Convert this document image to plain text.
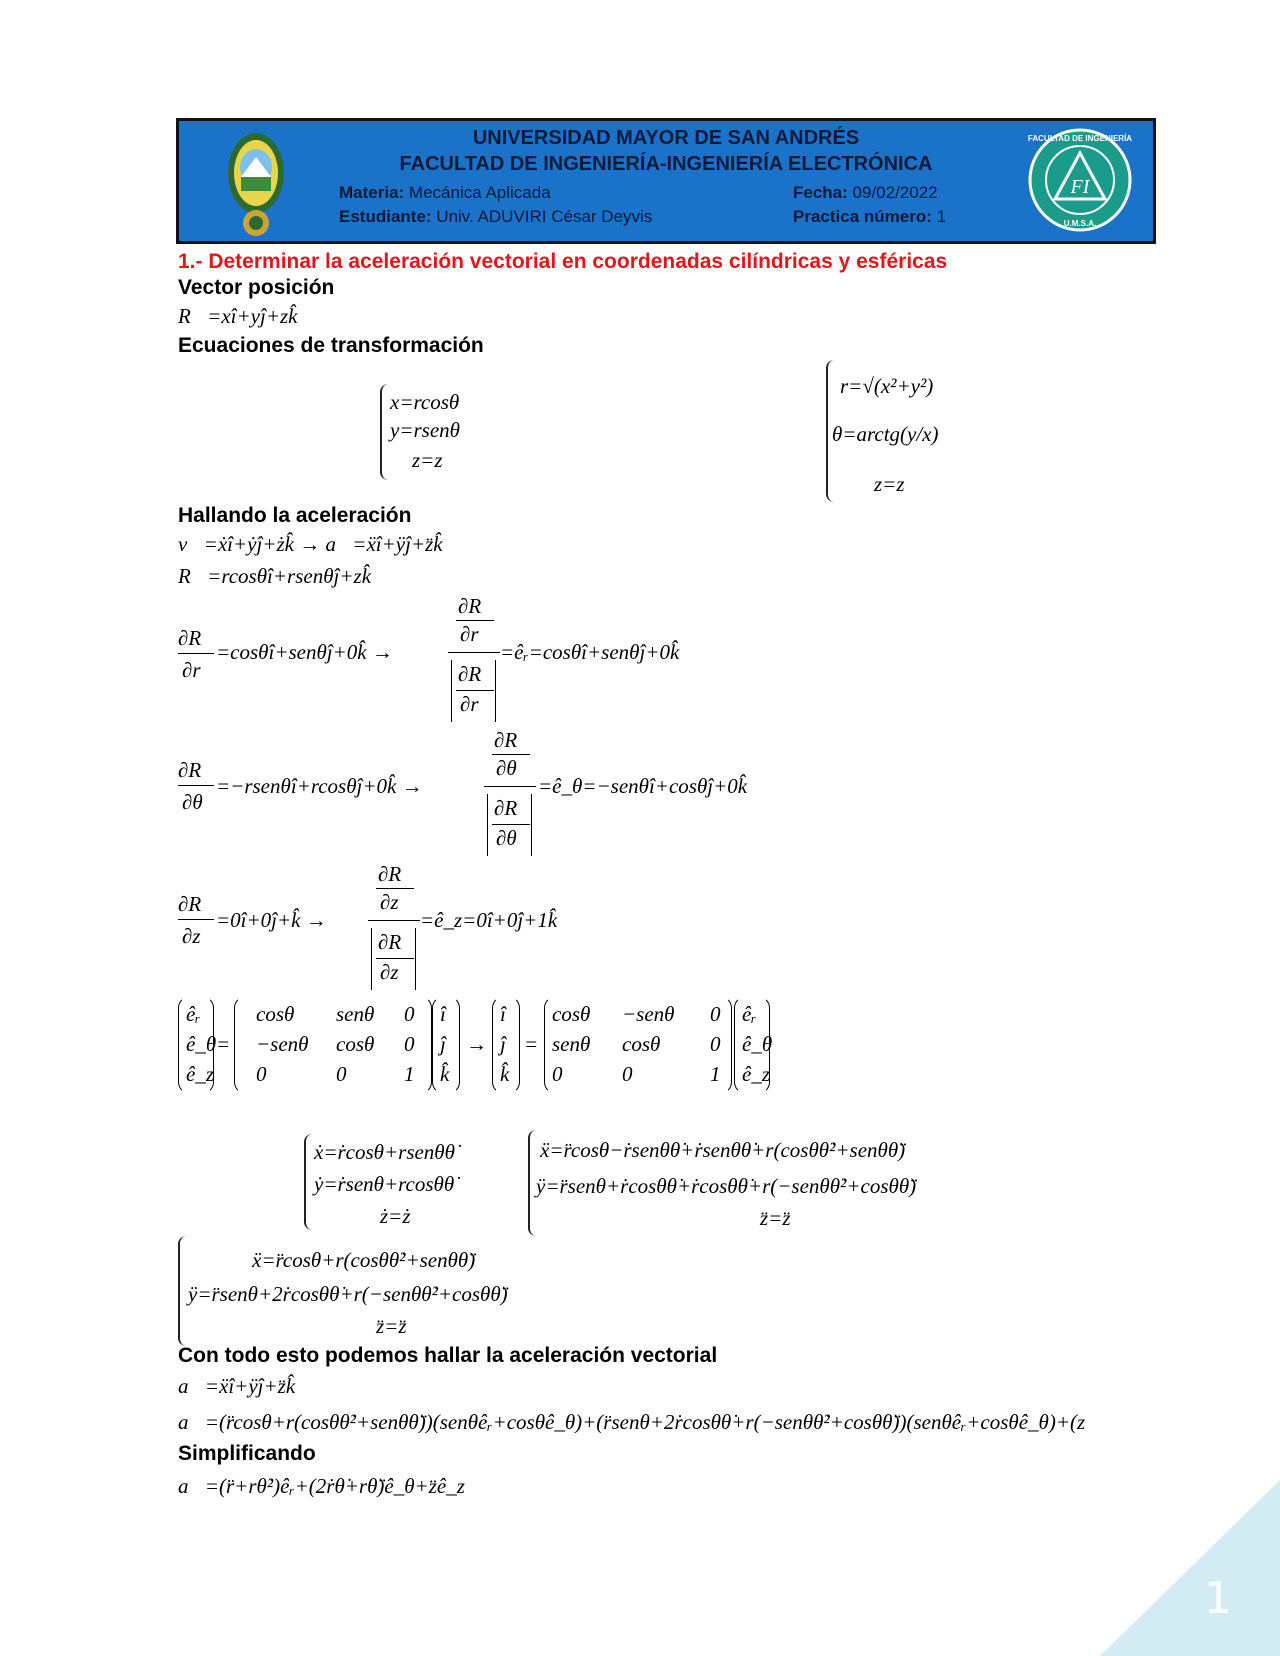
1
UNIVERSIDAD MAYOR DE SAN ANDRÉS
FACULTAD DE INGENIERÍA-INGENIERÍA ELECTRÓNICA
Materia: Mecánica Aplicada
Estudiante: Univ. ADUVIRI César Deyvis
Fecha: 09/02/2022
Practica número: 1
FI
FACULTAD DE INGENIERÍA
U.M.S.A.
1.- Determinar la aceleración vectorial en coordenadas cilíndricas y esféricas
Vector posición
R⃗=xî+yĵ+zk̂
Ecuaciones de transformación
x=rcosθ
y=rsenθ
z=z
r=√(x²+y²)
θ=arctg(y/x)
z=z
Hallando la aceleración
v⃗=ẋî+ẏĵ+żk̂ → a⃗=ẍî+ÿĵ+z̈k̂
R⃗=rcosθî+rsenθĵ+zk̂
∂R⃗
∂r
=cosθî+senθĵ+0k̂ →
∂R⃗
∂r
∂R⃗
∂r
=êᵣ=cosθî+senθĵ+0k̂
∂R⃗
∂θ
=−rsenθî+rcosθĵ+0k̂ →
∂R⃗
∂θ
∂R⃗
∂θ
=ê_θ=−senθî+cosθĵ+0k̂
∂R⃗
∂z
=0î+0ĵ+k̂ →
∂R⃗
∂z
∂R⃗
∂z
=ê_z=0î+0ĵ+1k̂
êᵣ
ê_θ
ê_z
=
cosθ senθ 0
−senθ cosθ 0
0	0	1
î
ĵ
k̂
→
î
ĵ
k̂
=
cosθ −senθ 0
senθ cosθ 0
0	0	1
êᵣ
ê_θ
ê_z
ẋ=ṙcosθ+rsenθθ̇
ẏ=ṙsenθ+rcosθθ̇
ż=ż
ẍ=r̈cosθ−ṙsenθθ̇+ṙsenθθ̇+r(cosθθ̇²+senθθ̈)
ÿ=r̈senθ+ṙcosθθ̇+ṙcosθθ̇+r(−senθθ̇²+cosθθ̈)
z̈=z̈
ẍ=r̈cosθ+r(cosθθ̇²+senθθ̈)
ÿ=r̈senθ+2ṙcosθθ̇+r(−senθθ̇²+cosθθ̈)
z̈=z̈
Con todo esto podemos hallar la aceleración vectorial
a⃗=ẍî+ÿĵ+z̈k̂
a⃗=(r̈cosθ+r(cosθθ̇²+senθθ̈))(senθêᵣ+cosθê_θ)+(r̈senθ+2ṙcosθθ̇+r(−senθθ̇²+cosθθ̈))(senθêᵣ+cosθê_θ)+(z
Simplificando
a⃗=(r̈+rθ̇²)êᵣ+(2ṙθ̇+rθ̈)ê_θ+z̈ê_z
